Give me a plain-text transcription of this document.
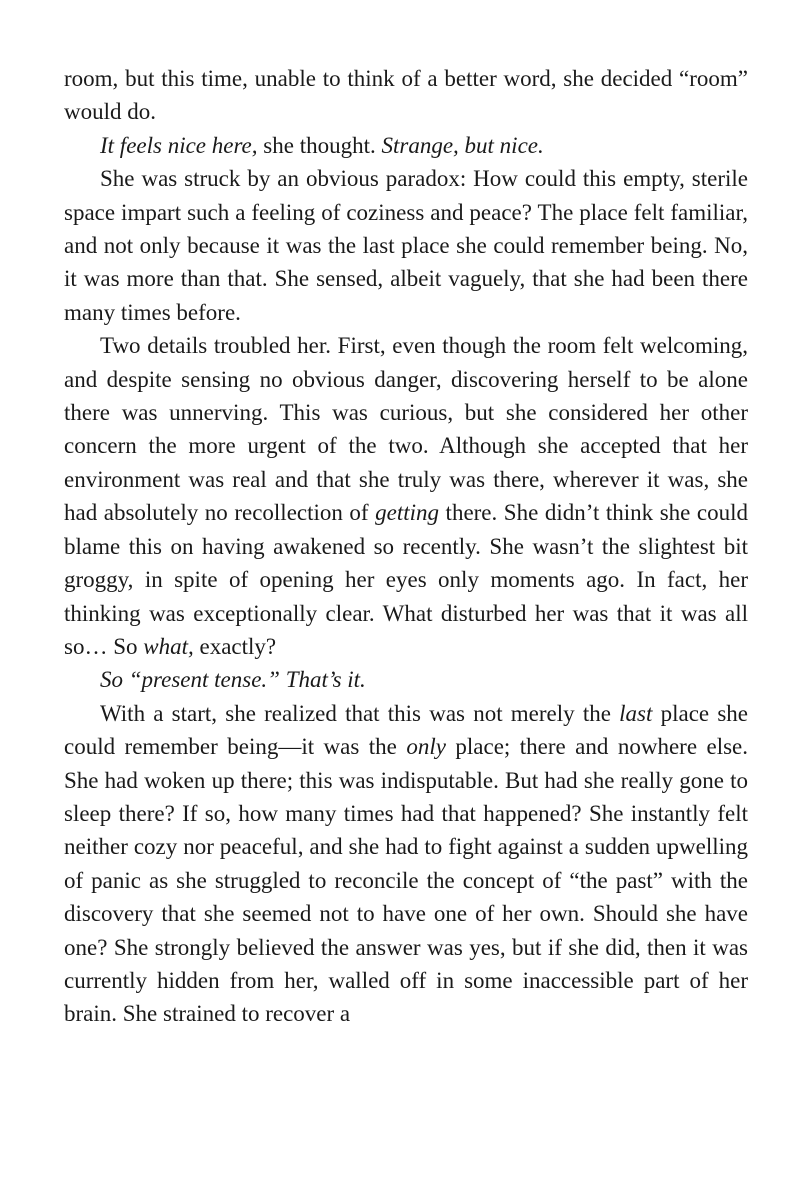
room, but this time, unable to think of a better word, she decided “room” would do.

It feels nice here, she thought. Strange, but nice.

She was struck by an obvious paradox: How could this empty, sterile space impart such a feeling of coziness and peace? The place felt familiar, and not only because it was the last place she could remember being. No, it was more than that. She sensed, albeit vaguely, that she had been there many times before.

Two details troubled her. First, even though the room felt welcoming, and despite sensing no obvious danger, discovering herself to be alone there was unnerving. This was curious, but she considered her other concern the more urgent of the two. Although she accepted that her environment was real and that she truly was there, wherever it was, she had absolutely no recollection of getting there. She didn’t think she could blame this on having awakened so recently. She wasn’t the slightest bit groggy, in spite of opening her eyes only moments ago. In fact, her thinking was exceptionally clear. What disturbed her was that it was all so… So what, exactly?

So “present tense.” That’s it.

With a start, she realized that this was not merely the last place she could remember being—it was the only place; there and nowhere else. She had woken up there; this was indisputable. But had she really gone to sleep there? If so, how many times had that happened? She instantly felt neither cozy nor peaceful, and she had to fight against a sudden upwelling of panic as she struggled to reconcile the concept of “the past” with the discovery that she seemed not to have one of her own. Should she have one? She strongly believed the answer was yes, but if she did, then it was currently hidden from her, walled off in some inaccessible part of her brain. She strained to recover a
